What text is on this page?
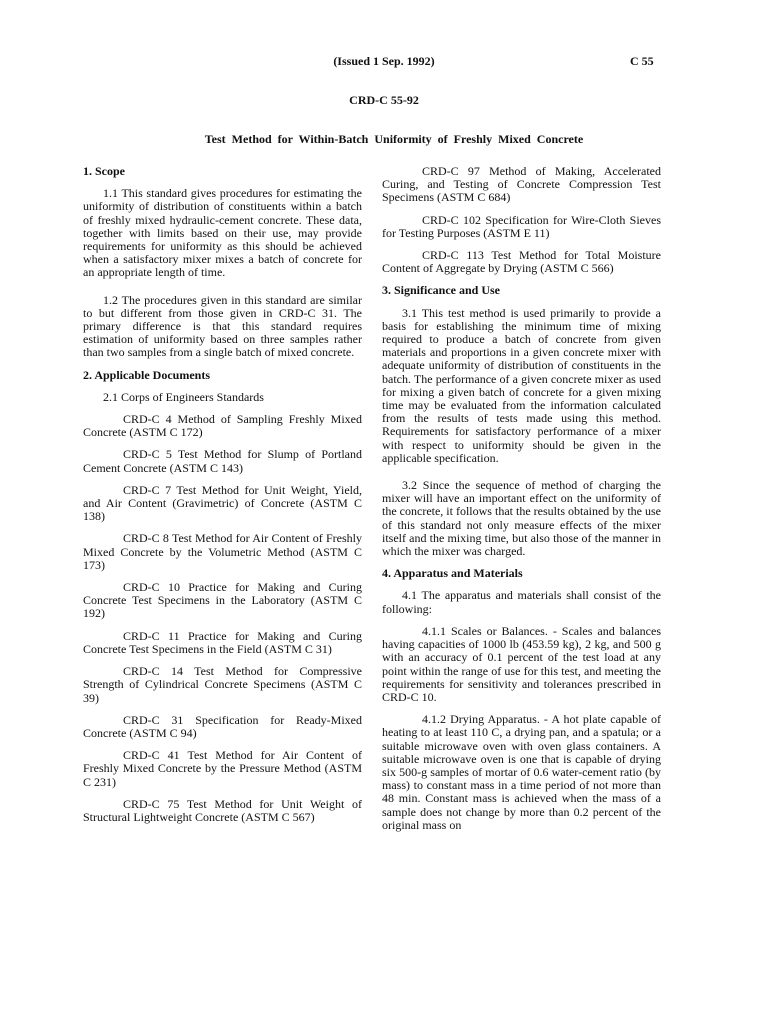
(Issued 1 Sep. 1992)	C 55
CRD-C 55-92
Test Method for Within-Batch Uniformity of Freshly Mixed Concrete
1. Scope

1.1 This standard gives procedures for estimating the uniformity of distribution of constituents within a batch of freshly mixed hydraulic-cement concrete. These data, together with limits based on their use, may provide requirements for uniformity as this should be achieved when a satisfactory mixer mixes a batch of concrete for an appropriate length of time.

1.2 The procedures given in this standard are similar to but different from those given in CRD-C 31. The primary difference is that this standard requires estimation of uniformity based on three samples rather than two samples from a single batch of mixed concrete.

2. Applicable Documents

2.1 Corps of Engineers Standards

CRD-C 4 Method of Sampling Freshly Mixed Concrete (ASTM C 172)

CRD-C 5 Test Method for Slump of Portland Cement Concrete (ASTM C 143)

CRD-C 7 Test Method for Unit Weight, Yield, and Air Content (Gravimetric) of Concrete (ASTM C 138)

CRD-C 8 Test Method for Air Content of Freshly Mixed Concrete by the Volumetric Method (ASTM C 173)

CRD-C 10 Practice for Making and Curing Concrete Test Specimens in the Laboratory (ASTM C 192)

CRD-C 11 Practice for Making and Curing Concrete Test Specimens in the Field (ASTM C 31)

CRD-C 14 Test Method for Compressive Strength of Cylindrical Concrete Specimens (ASTM C 39)

CRD-C 31 Specification for Ready-Mixed Concrete (ASTM C 94)

CRD-C 41 Test Method for Air Content of Freshly Mixed Concrete by the Pressure Method (ASTM C 231)

CRD-C 75 Test Method for Unit Weight of Structural Lightweight Concrete (ASTM C 567)

CRD-C 97 Method of Making, Accelerated Curing, and Testing of Concrete Compression Test Specimens (ASTM C 684)

CRD-C 102 Specification for Wire-Cloth Sieves for Testing Purposes (ASTM E 11)

CRD-C 113 Test Method for Total Moisture Content of Aggregate by Drying (ASTM C 566)

3. Significance and Use

3.1 This test method is used primarily to provide a basis for establishing the minimum time of mixing required to produce a batch of concrete from given materials and proportions in a given concrete mixer with adequate uniformity of distribution of constituents in the batch. The performance of a given concrete mixer as used for mixing a given batch of concrete for a given mixing time may be evaluated from the information calculated from the results of tests made using this method. Requirements for satisfactory performance of a mixer with respect to uniformity should be given in the applicable specification.

3.2 Since the sequence of method of charging the mixer will have an important effect on the uniformity of the concrete, it follows that the results obtained by the use of this standard not only measure effects of the mixer itself and the mixing time, but also those of the manner in which the mixer was charged.

4. Apparatus and Materials

4.1 The apparatus and materials shall consist of the following:

4.1.1 Scales or Balances. - Scales and balances having capacities of 1000 lb (453.59 kg), 2 kg, and 500 g with an accuracy of 0.1 percent of the test load at any point within the range of use for this test, and meeting the requirements for sensitivity and tolerances prescribed in CRD-C 10.

4.1.2 Drying Apparatus. - A hot plate capable of heating to at least 110 C, a drying pan, and a spatula; or a suitable microwave oven with oven glass containers. A suitable microwave oven is one that is capable of drying six 500-g samples of mortar of 0.6 water-cement ratio (by mass) to constant mass in a time period of not more than 48 min. Constant mass is achieved when the mass of a sample does not change by more than 0.2 percent of the original mass on
